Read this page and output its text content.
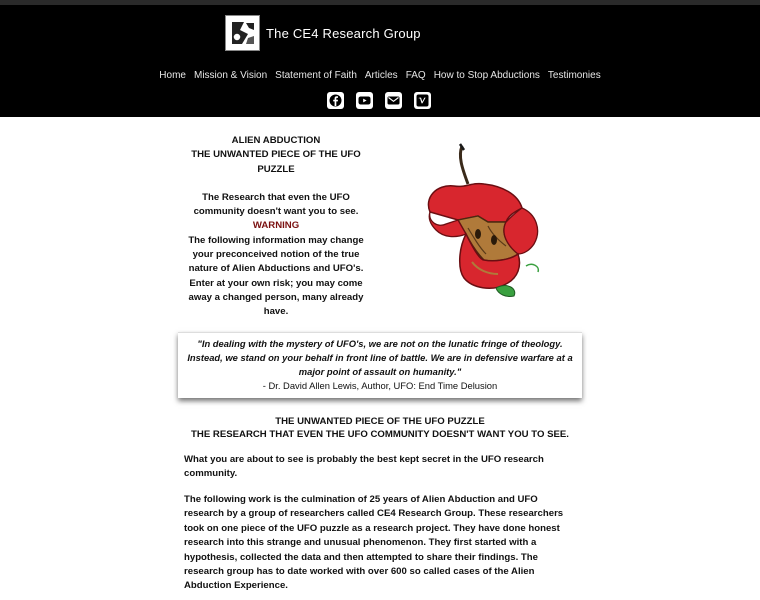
The CE4 Research Group
Home Mission & Vision Statement of Faith Articles FAQ How to Stop Abductions Testimonies
ALIEN ABDUCTION
THE UNWANTED PIECE OF THE UFO PUZZLE
The Research that even the UFO community doesn't want you to see.
WARNING
The following information may change your preconceived notion of the true nature of Alien Abductions and UFO's. Enter at your own risk; you may come away a changed person, many already have.
"In dealing with the mystery of UFO's, we are not on the lunatic fringe of theology. Instead, we stand on your behalf in front line of battle. We are in defensive warfare at a major point of assault on humanity."
- Dr. David Allen Lewis, Author, UFO: End Time Delusion
THE UNWANTED PIECE OF THE UFO PUZZLE
THE RESEARCH THAT EVEN THE UFO COMMUNITY DOESN'T WANT YOU TO SEE.

What you are about to see is probably the best kept secret in the UFO research community.

The following work is the culmination of 25 years of Alien Abduction and UFO research by a group of researchers called CE4 Research Group. These researchers took on one piece of the UFO puzzle as a research project. They have done honest research into this strange and unusual phenomenon. They first started with a hypothesis, collected the data and then attempted to share their findings. The research group has to date worked with over 600 so called cases of the Alien Abduction Experience.
